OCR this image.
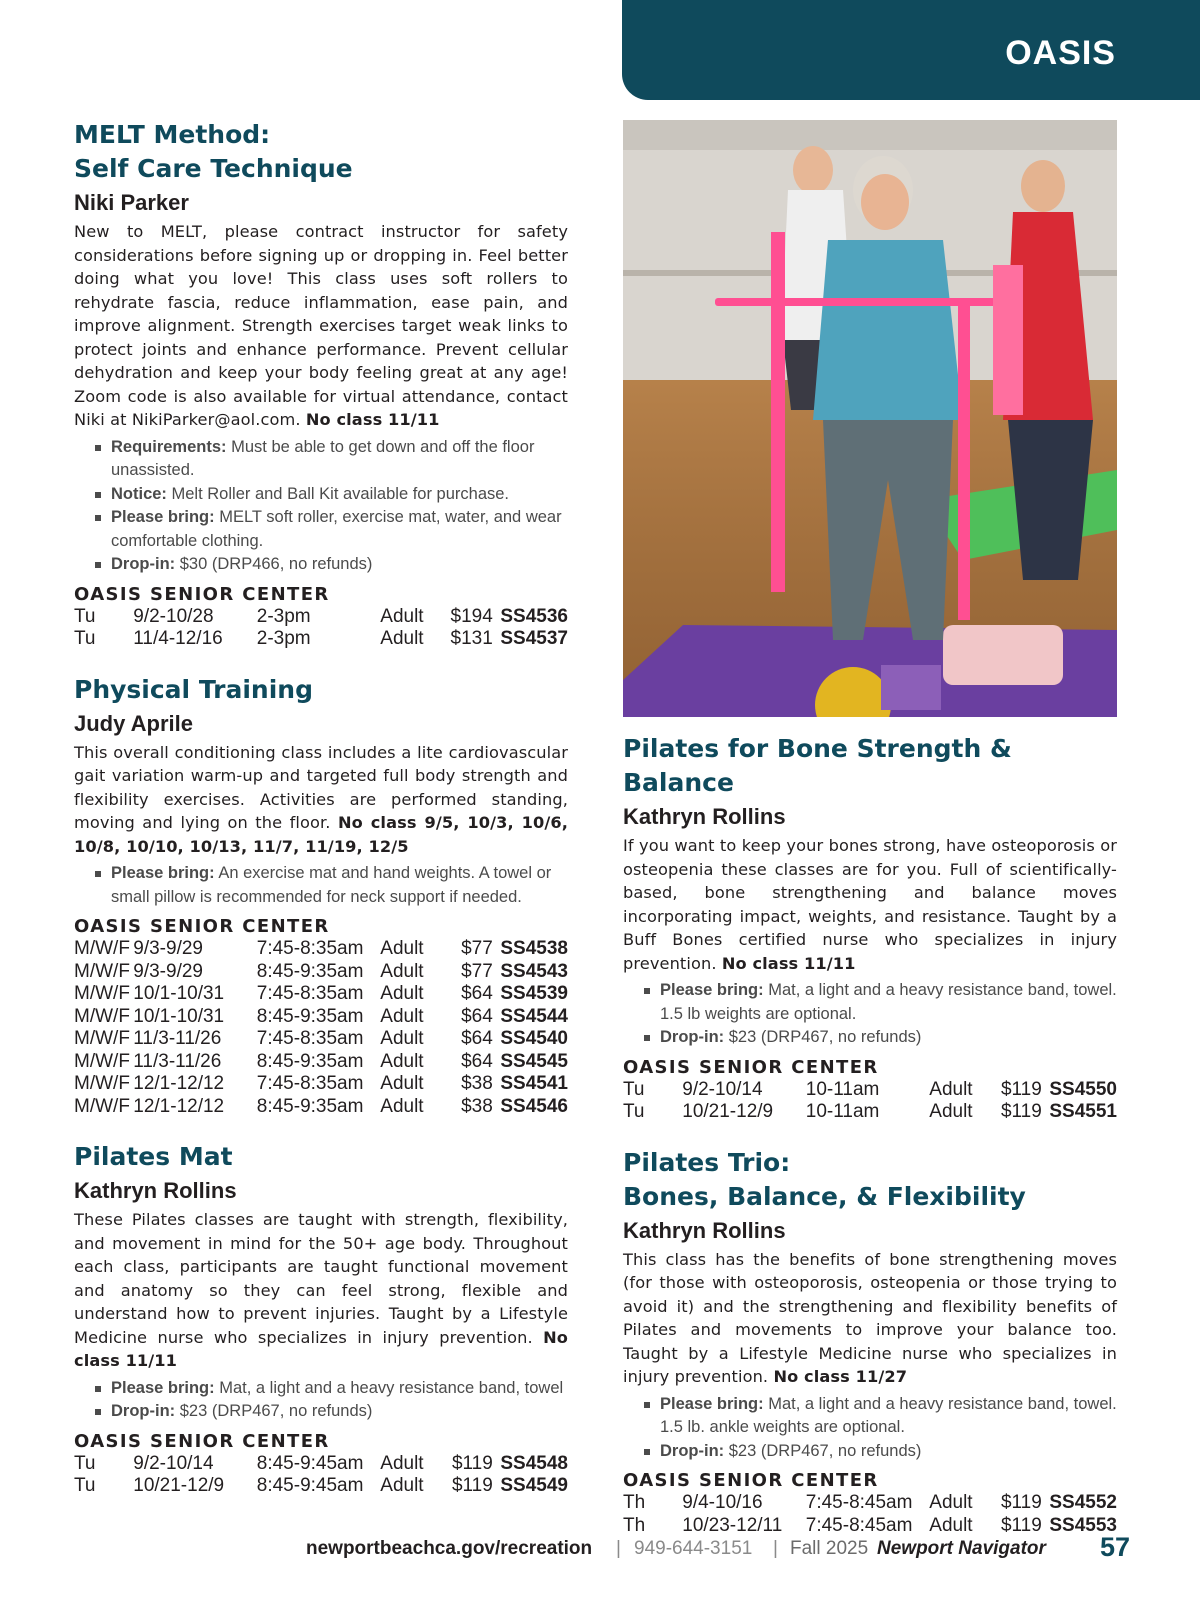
OASIS
MELT Method:
Self Care Technique
Niki Parker
New to MELT, please contract instructor for safety considerations before signing up or dropping in. Feel better doing what you love! This class uses soft rollers to rehydrate fascia, reduce inflammation, ease pain, and improve alignment. Strength exercises target weak links to protect joints and enhance performance. Prevent cellular dehydration and keep your body feeling great at any age! Zoom code is also available for virtual attendance, contact Niki at NikiParker@aol.com. No class 11/11
Requirements: Must be able to get down and off the floor unassisted.
Notice: Melt Roller and Ball Kit available for purchase.
Please bring: MELT soft roller, exercise mat, water, and wear comfortable clothing.
Drop-in: $30 (DRP466, no refunds)
OASIS SENIOR CENTER
Tu	9/2-10/28	2-3pm	Adult	$194	SS4536
Tu	11/4-12/16	2-3pm	Adult	$131	SS4537
Physical Training
Judy Aprile
This overall conditioning class includes a lite cardiovascular gait variation warm-up and targeted full body strength and flexibility exercises. Activities are performed standing, moving and lying on the floor. No class 9/5, 10/3, 10/6, 10/8, 10/10, 10/13, 11/7, 11/19, 12/5
Please bring: An exercise mat and hand weights. A towel or small pillow is recommended for neck support if needed.
OASIS SENIOR CENTER
M/W/F	9/3-9/29	7:45-8:35am	Adult	$77	SS4538
M/W/F	9/3-9/29	8:45-9:35am	Adult	$77	SS4543
M/W/F	10/1-10/31	7:45-8:35am	Adult	$64	SS4539
M/W/F	10/1-10/31	8:45-9:35am	Adult	$64	SS4544
M/W/F	11/3-11/26	7:45-8:35am	Adult	$64	SS4540
M/W/F	11/3-11/26	8:45-9:35am	Adult	$64	SS4545
M/W/F	12/1-12/12	7:45-8:35am	Adult	$38	SS4541
M/W/F	12/1-12/12	8:45-9:35am	Adult	$38	SS4546
Pilates Mat
Kathryn Rollins
These Pilates classes are taught with strength, flexibility, and movement in mind for the 50+ age body. Throughout each class, participants are taught functional movement and anatomy so they can feel strong, flexible and understand how to prevent injuries. Taught by a Lifestyle Medicine nurse who specializes in injury prevention. No class 11/11
Please bring: Mat, a light and a heavy resistance band, towel
Drop-in: $23 (DRP467, no refunds)
OASIS SENIOR CENTER
Tu	9/2-10/14	8:45-9:45am	Adult	$119	SS4548
Tu	10/21-12/9	8:45-9:45am	Adult	$119	SS4549
Pilates for Bone Strength & Balance
Kathryn Rollins
If you want to keep your bones strong, have osteoporosis or osteopenia these classes are for you. Full of scientifically-based, bone strengthening and balance moves incorporating impact, weights, and resistance. Taught by a Buff Bones certified nurse who specializes in injury prevention. No class 11/11
Please bring: Mat, a light and a heavy resistance band, towel. 1.5 lb weights are optional.
Drop-in: $23 (DRP467, no refunds)
OASIS SENIOR CENTER
Tu	9/2-10/14	10-11am	Adult	$119	SS4550
Tu	10/21-12/9	10-11am	Adult	$119	SS4551
Pilates Trio:
Bones, Balance, & Flexibility
Kathryn Rollins
This class has the benefits of bone strengthening moves (for those with osteoporosis, osteopenia or those trying to avoid it) and the strengthening and flexibility benefits of Pilates and movements to improve your balance too. Taught by a Lifestyle Medicine nurse who specializes in injury prevention. No class 11/27
Please bring: Mat, a light and a heavy resistance band, towel. 1.5 lb. ankle weights are optional.
Drop-in: $23 (DRP467, no refunds)
OASIS SENIOR CENTER
Th	9/4-10/16	7:45-8:45am	Adult	$119	SS4552
Th	10/23-12/11	7:45-8:45am	Adult	$119	SS4553
newportbeachca.gov/recreation | 949-644-3151 | Fall 2025 Newport Navigator 57
